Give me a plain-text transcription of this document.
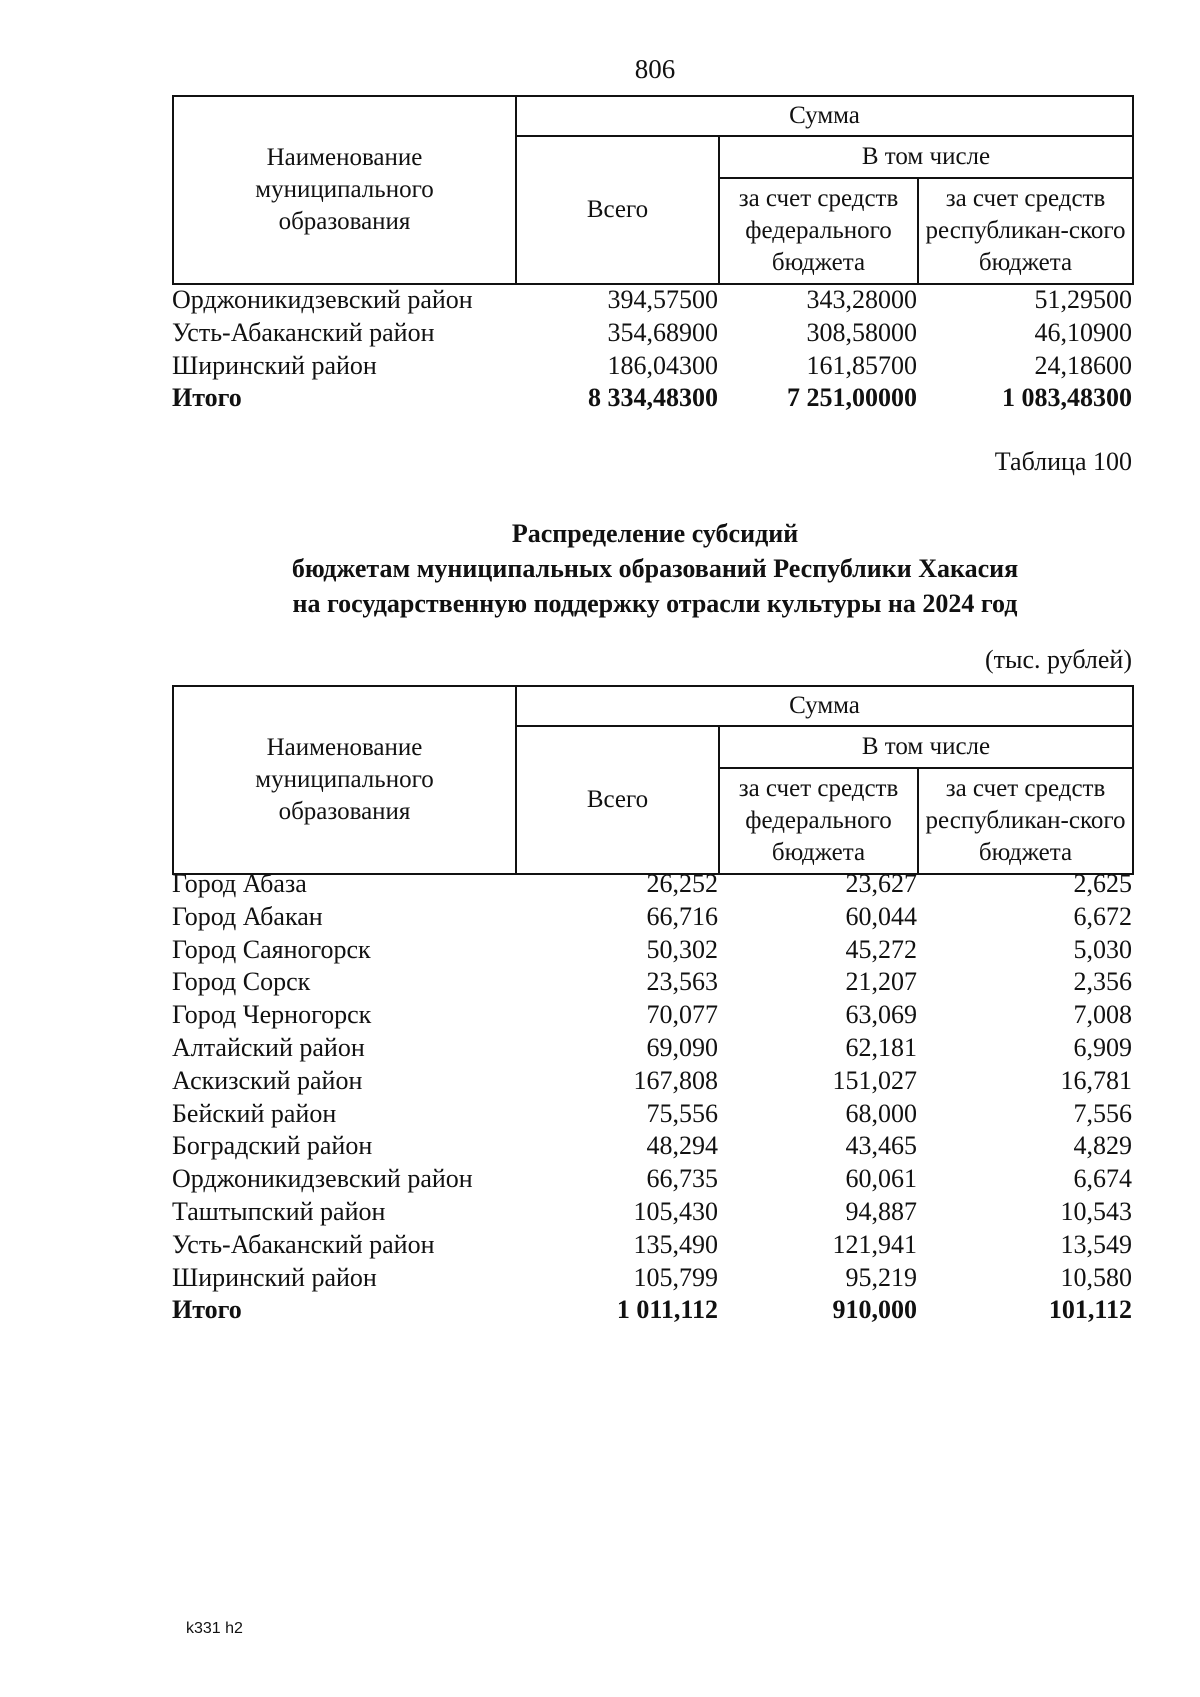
806
Наименование муниципального образования	Сумма		
	Всего	В том числе	
		за счет средств федерального бюджета	за счет средств республикан-ского бюджета
Орджоникидзевский район	394,57500	343,28000	51,29500
Усть-Абаканский район	354,68900	308,58000	46,10900
Ширинский район	186,04300	161,85700	24,18600
Итого	8 334,48300	7 251,00000	1 083,48300
Таблица 100
Распределение субсидий
бюджетам муниципальных образований Республики Хакасия
на государственную поддержку отрасли культуры на 2024 год
(тыс. рублей)
Наименование муниципального образования	Сумма		
	Всего	В том числе	
		за счет средств федерального бюджета	за счет средств республикан-ского бюджета
Город Абаза	26,252	23,627	2,625
Город Абакан	66,716	60,044	6,672
Город Саяногорск	50,302	45,272	5,030
Город Сорск	23,563	21,207	2,356
Город Черногорск	70,077	63,069	7,008
Алтайский район	69,090	62,181	6,909
Аскизский район	167,808	151,027	16,781
Бейский район	75,556	68,000	7,556
Боградский район	48,294	43,465	4,829
Орджоникидзевский район	66,735	60,061	6,674
Таштыпский район	105,430	94,887	10,543
Усть-Абаканский район	135,490	121,941	13,549
Ширинский район	105,799	95,219	10,580
Итого	1 011,112	910,000	101,112
k331 h2
